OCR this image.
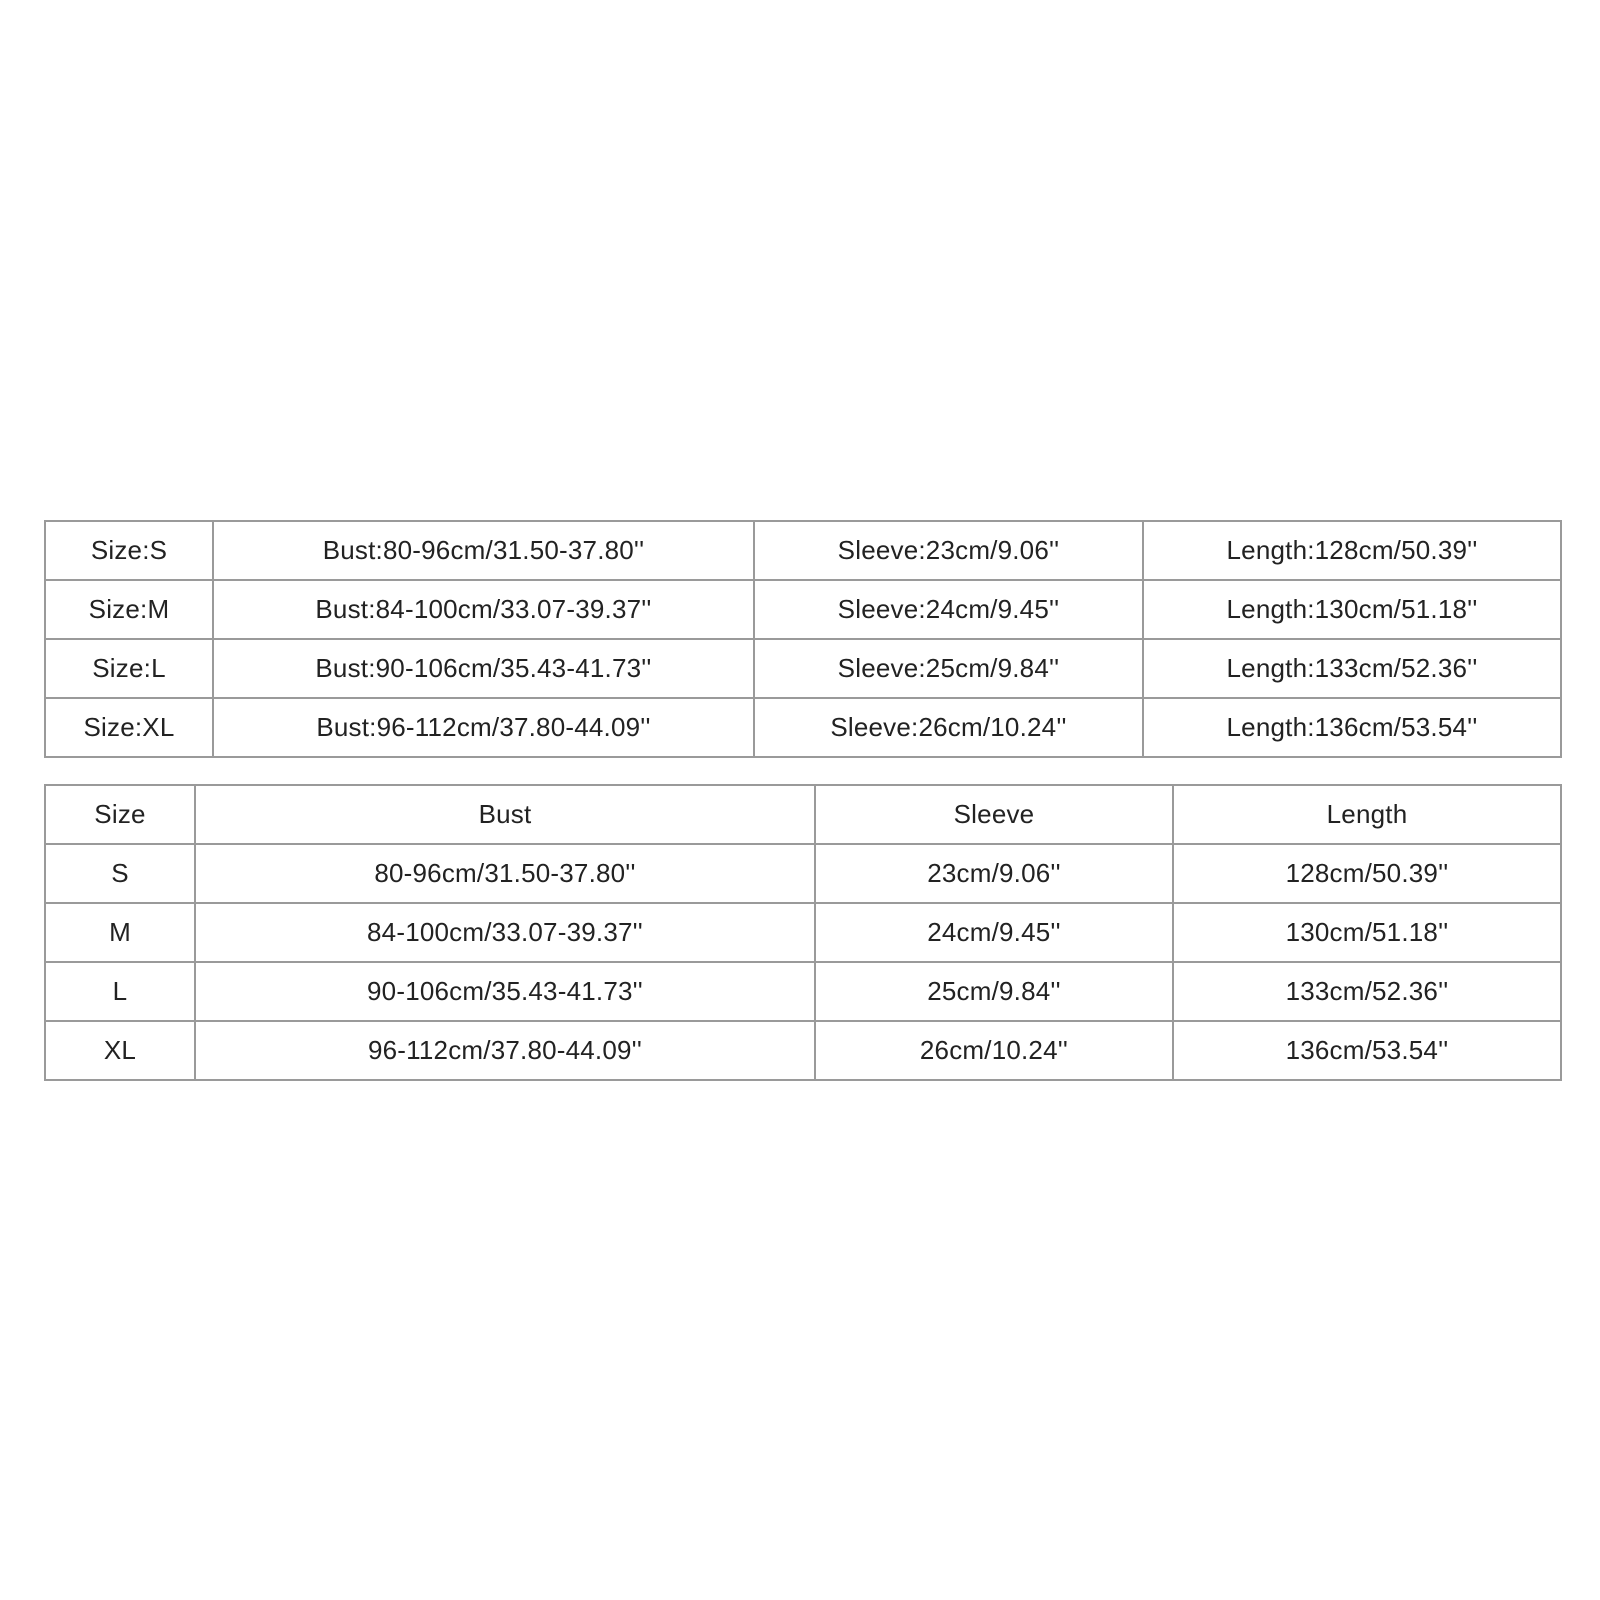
Size:S	Bust:80-96cm/31.50-37.80''	Sleeve:23cm/9.06''	Length:128cm/50.39''
Size:M	Bust:84-100cm/33.07-39.37''	Sleeve:24cm/9.45''	Length:130cm/51.18''
Size:L	Bust:90-106cm/35.43-41.73''	Sleeve:25cm/9.84''	Length:133cm/52.36''
Size:XL	Bust:96-112cm/37.80-44.09''	Sleeve:26cm/10.24''	Length:136cm/53.54''
Size	Bust	Sleeve	Length
S	80-96cm/31.50-37.80''	23cm/9.06''	128cm/50.39''
M	84-100cm/33.07-39.37''	24cm/9.45''	130cm/51.18''
L	90-106cm/35.43-41.73''	25cm/9.84''	133cm/52.36''
XL	96-112cm/37.80-44.09''	26cm/10.24''	136cm/53.54''
